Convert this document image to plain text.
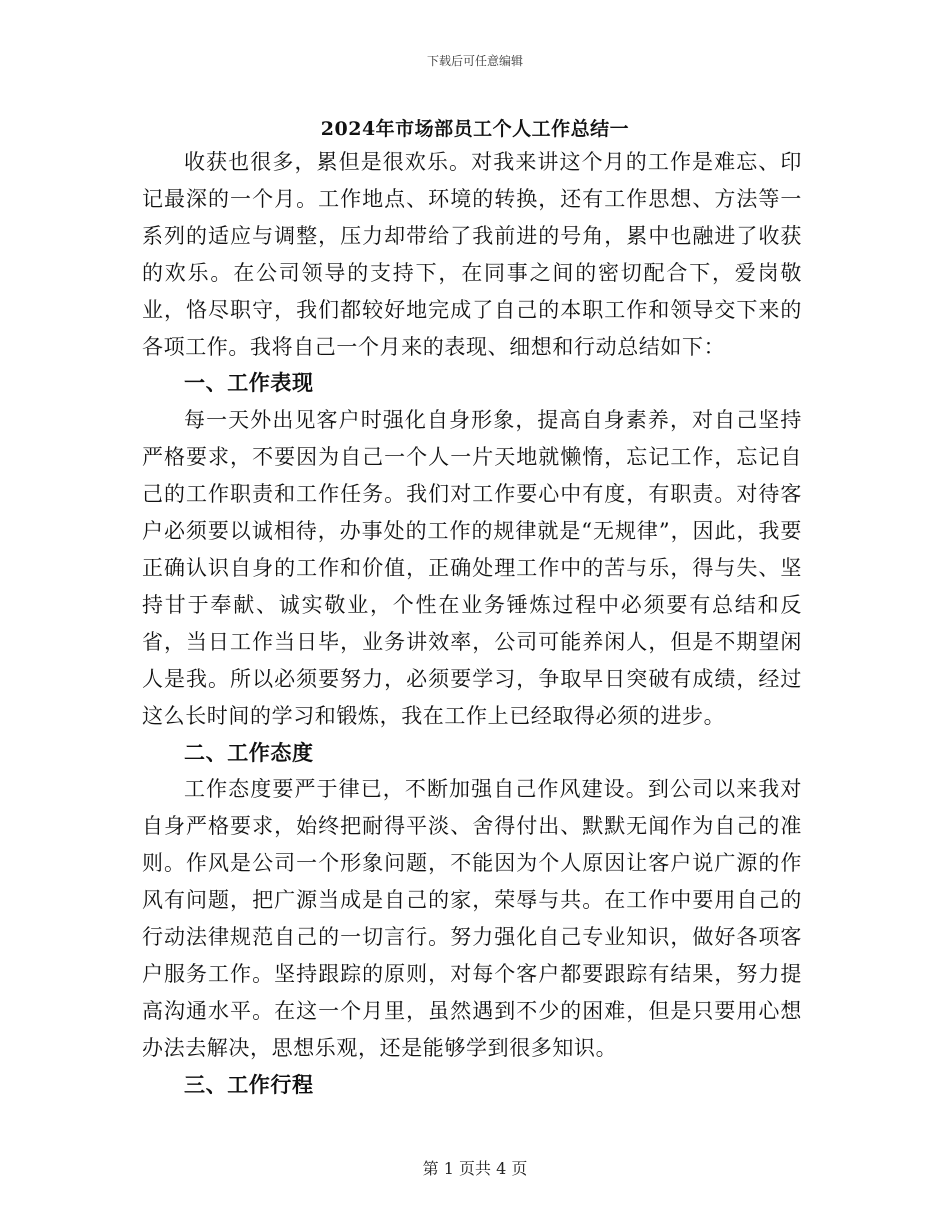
下载后可任意编辑
2024年市场部员工个人工作总结一

收获也很多，累但是很欢乐。对我来讲这个月的工作是难忘、印记最深的一个月。工作地点、环境的转换，还有工作思想、方法等一系列的适应与调整，压力却带给了我前进的号角，累中也融进了收获的欢乐。在公司领导的支持下，在同事之间的密切配合下，爱岗敬业，恪尽职守，我们都较好地完成了自己的本职工作和领导交下来的各项工作。我将自己一个月来的表现、细想和行动总结如下：

一、工作表现

每一天外出见客户时强化自身形象，提高自身素养，对自己坚持严格要求，不要因为自己一个人一片天地就懒惰，忘记工作，忘记自己的工作职责和工作任务。我们对工作要心中有度，有职责。对待客户必须要以诚相待，办事处的工作的规律就是“无规律”，因此，我要正确认识自身的工作和价值，正确处理工作中的苦与乐，得与失、坚持甘于奉献、诚实敬业，个性在业务锤炼过程中必须要有总结和反省，当日工作当日毕，业务讲效率，公司可能养闲人，但是不期望闲人是我。所以必须要努力，必须要学习，争取早日突破有成绩，经过这么长时间的学习和锻炼，我在工作上已经取得必须的进步。

二、工作态度

工作态度要严于律已，不断加强自己作风建设。到公司以来我对自身严格要求，始终把耐得平淡、舍得付出、默默无闻作为自己的准则。作风是公司一个形象问题，不能因为个人原因让客户说广源的作风有问题，把广源当成是自己的家，荣辱与共。在工作中要用自己的行动法律规范自己的一切言行。努力强化自己专业知识，做好各项客户服务工作。坚持跟踪的原则，对每个客户都要跟踪有结果，努力提高沟通水平。在这一个月里，虽然遇到不少的困难，但是只要用心想办法去解决，思想乐观，还是能够学到很多知识。

三、工作行程
第 1 页共 4 页
